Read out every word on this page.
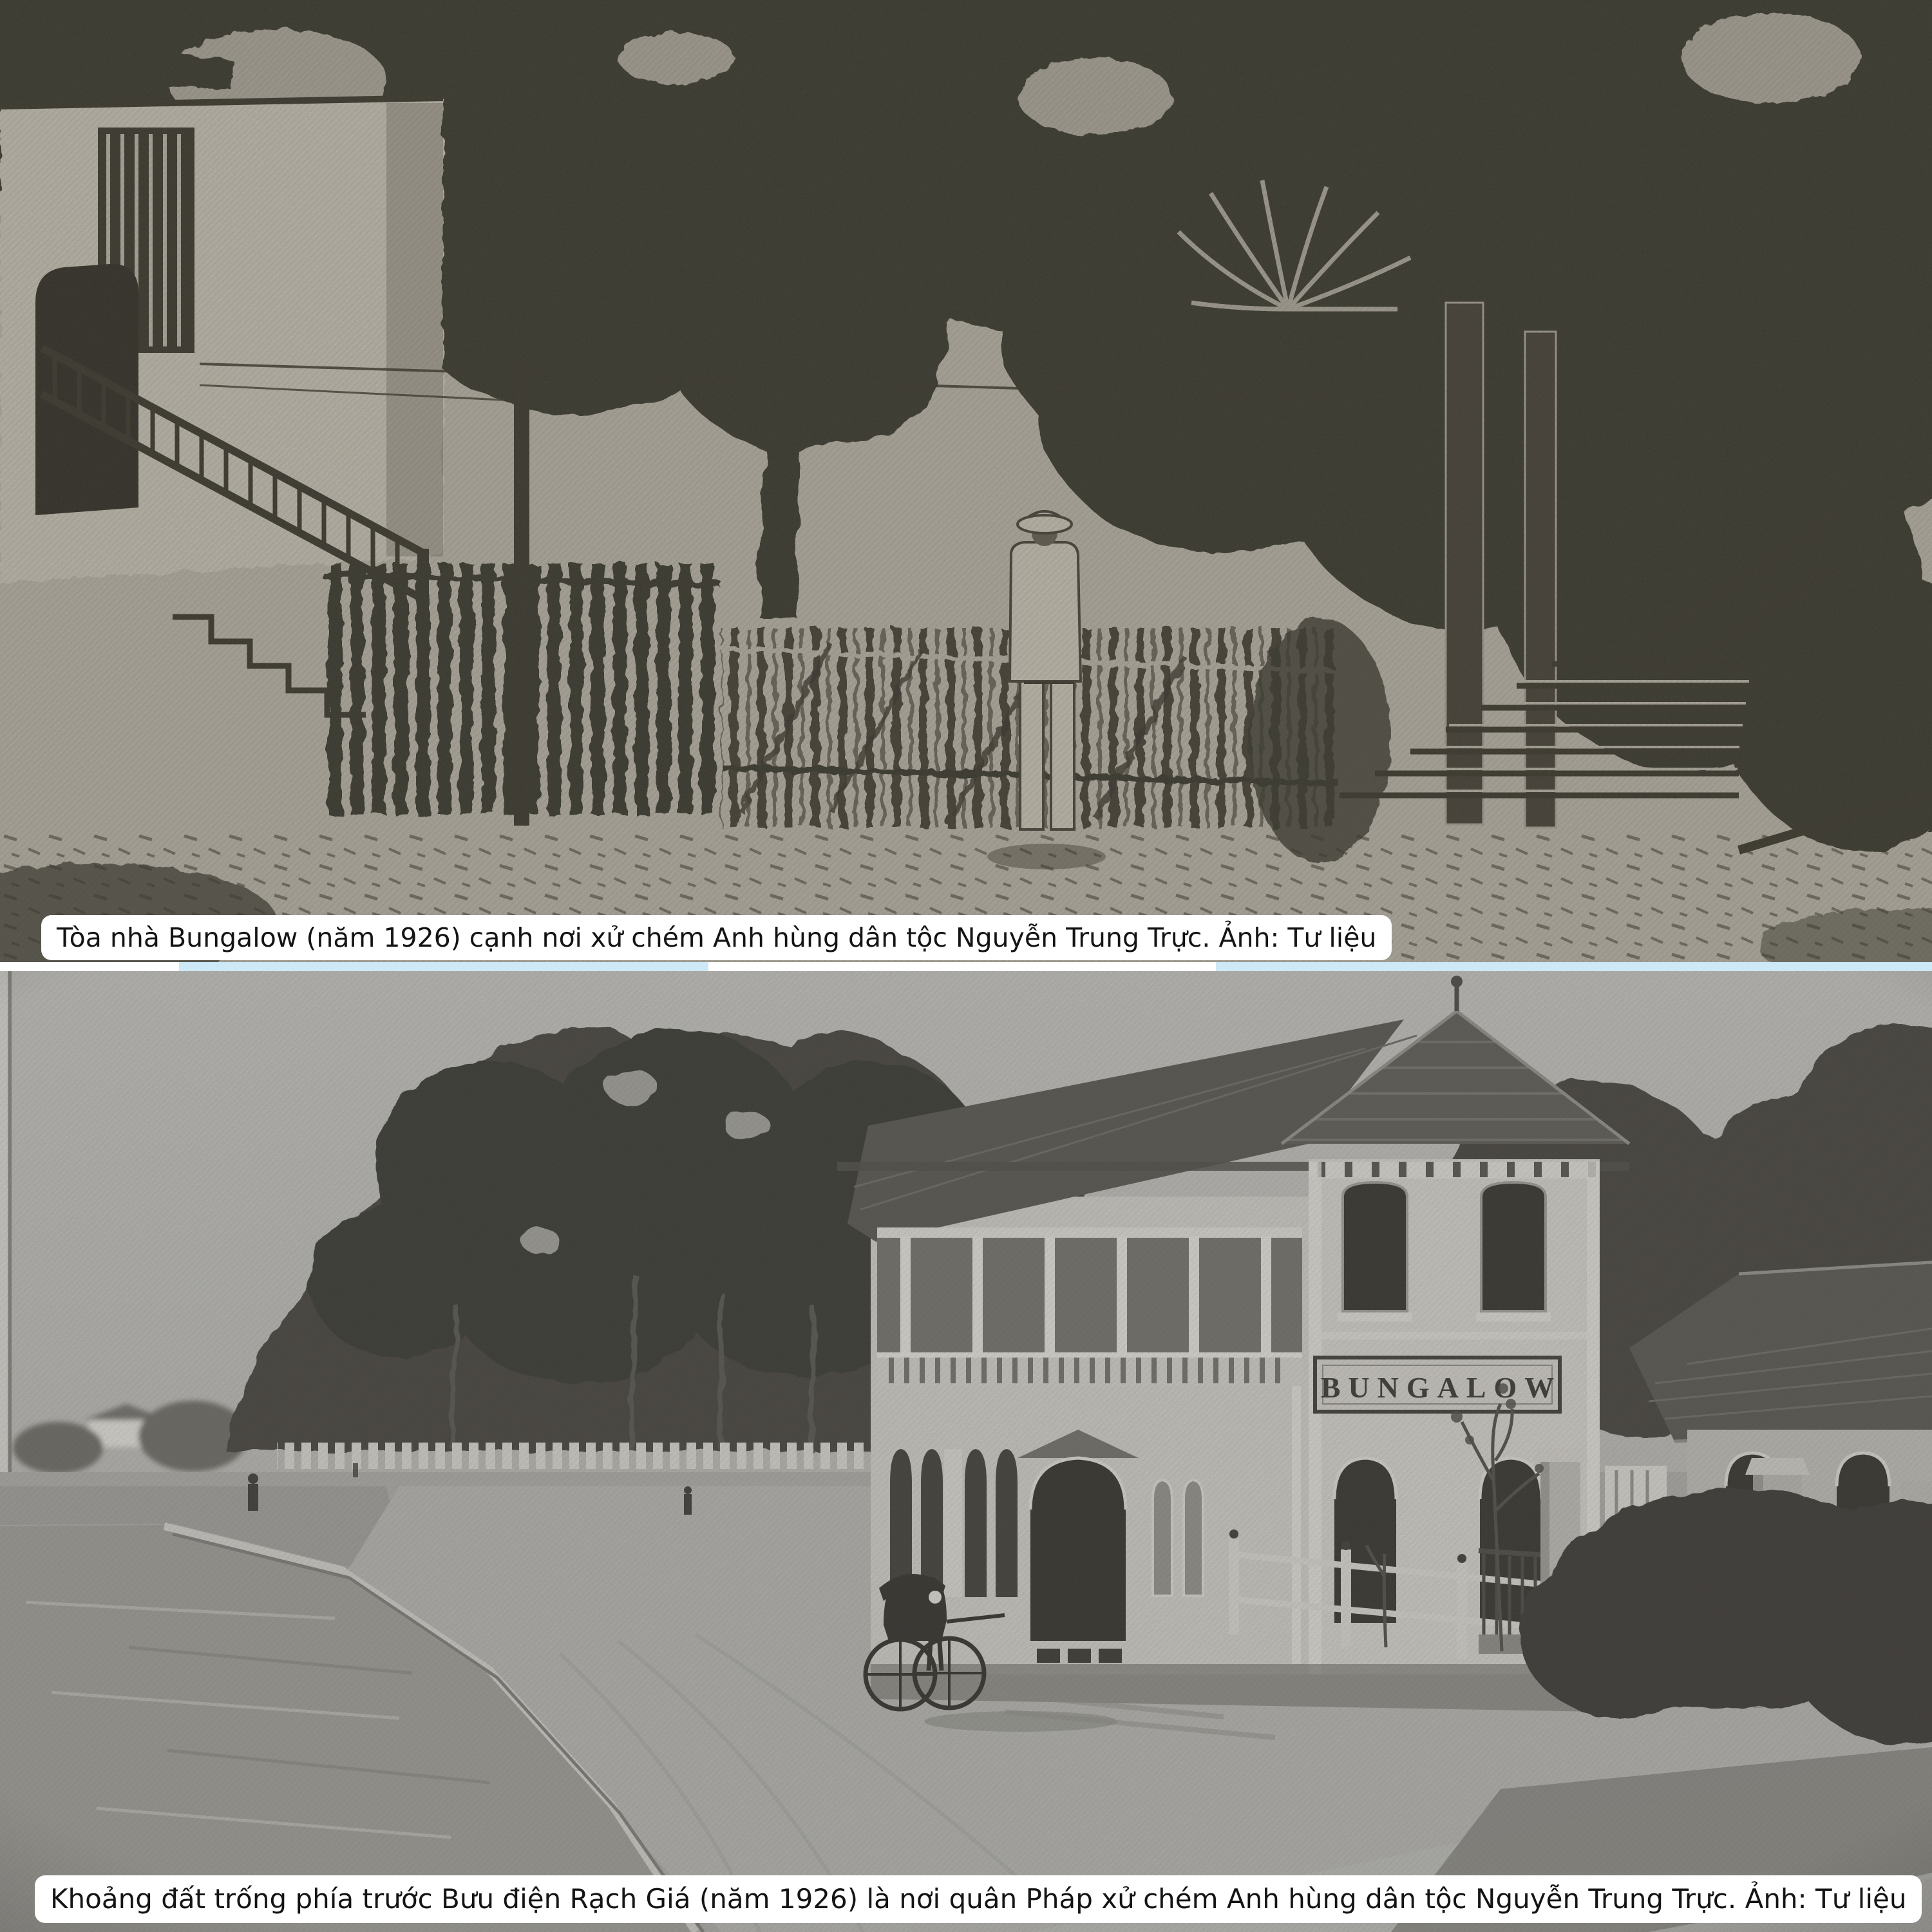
Tòa nhà Bungalow (năm 1926) cạnh nơi xử chém Anh hùng dân tộc Nguyễn Trung Trực. Ảnh: Tư liệu
Khoảng đất trống phía trước Bưu điện Rạch Giá (năm 1926) là nơi quân Pháp xử chém Anh hùng dân tộc Nguyễn Trung Trực. Ảnh: Tư liệu
